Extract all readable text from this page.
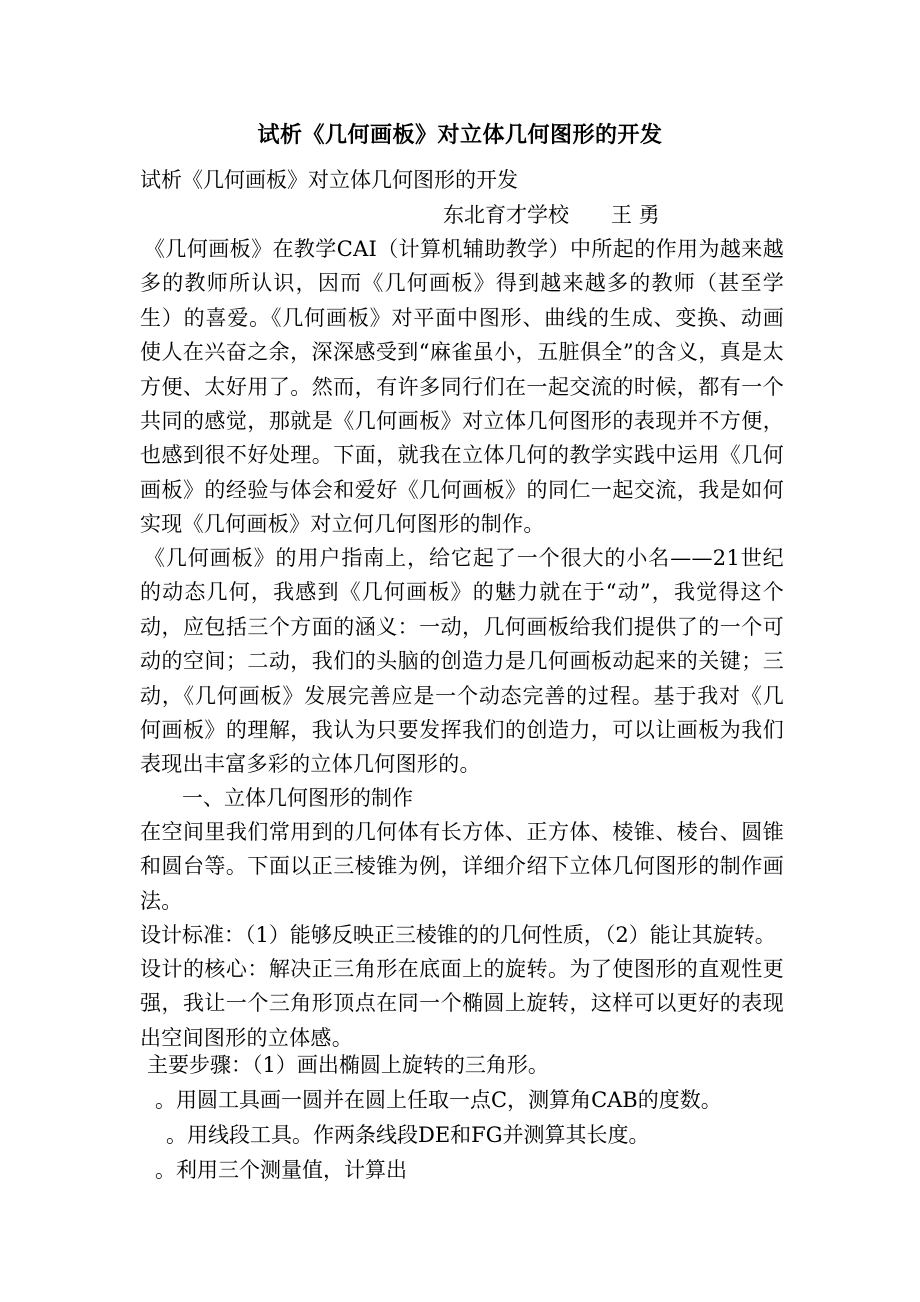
试析《几何画板》对立体几何图形的开发

试析《几何画板》对立体几何图形的开发

东北育才学校　　王 勇

《几何画板》在教学CAI（计算机辅助教学）中所起的作用为越来越多的教师所认识，因而《几何画板》得到越来越多的教师（甚至学生）的喜爱。《几何画板》对平面中图形、曲线的生成、变换、动画使人在兴奋之余，深深感受到“麻雀虽小，五脏俱全”的含义，真是太方便、太好用了。然而，有许多同行们在一起交流的时候，都有一个共同的感觉，那就是《几何画板》对立体几何图形的表现并不方便，也感到很不好处理。下面，就我在立体几何的教学实践中运用《几何画板》的经验与体会和爱好《几何画板》的同仁一起交流，我是如何实现《几何画板》对立何几何图形的制作。

《几何画板》的用户指南上，给它起了一个很大的小名——21世纪的动态几何，我感到《几何画板》的魅力就在于“动”，我觉得这个动，应包括三个方面的涵义：一动，几何画板给我们提供了的一个可动的空间；二动，我们的头脑的创造力是几何画板动起来的关键；三动，《几何画板》发展完善应是一个动态完善的过程。基于我对《几何画板》的理解，我认为只要发挥我们的创造力，可以让画板为我们表现出丰富多彩的立体几何图形的。

一、立体几何图形的制作

在空间里我们常用到的几何体有长方体、正方体、棱锥、棱台、圆锥和圆台等。下面以正三棱锥为例，详细介绍下立体几何图形的制作画法。

设计标准：（1）能够反映正三棱锥的的几何性质，（2）能让其旋转。

设计的核心：解决正三角形在底面上的旋转。为了使图形的直观性更强，我让一个三角形顶点在同一个椭圆上旋转，这样可以更好的表现出空间图形的立体感。

主要步骤：（1）画出椭圆上旋转的三角形。

。用圆工具画一圆并在圆上任取一点C，测算角CAB的度数。

。用线段工具。作两条线段DE和FG并测算其长度。

。利用三个测量值，计算出
